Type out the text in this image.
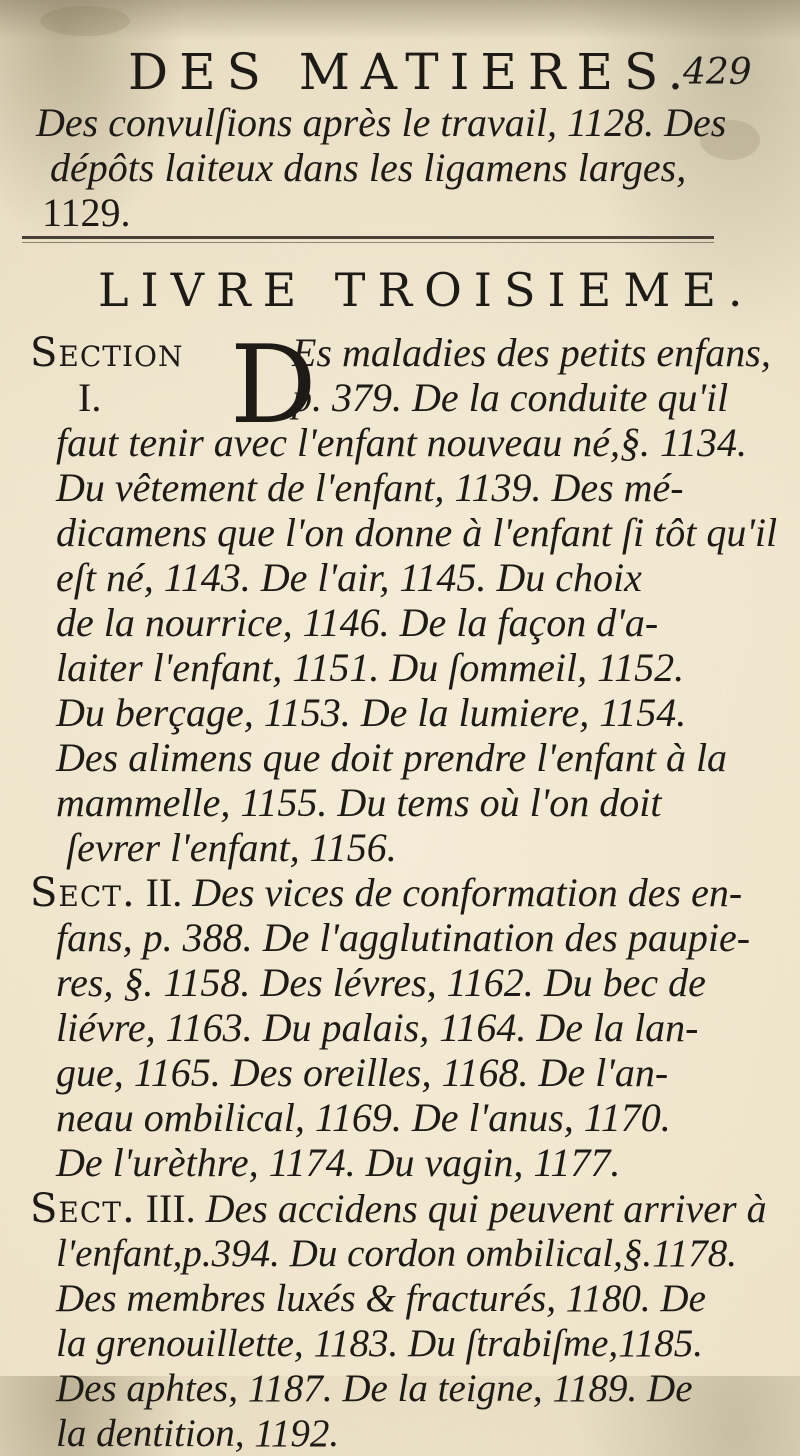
DES MATIERES.
429
Des convulſions après le travail, 1128. Des
dépôts laiteux dans les ligamens larges,
1129.
LIVRE TROISIEME.
Section	Es maladies des petits enfans,
I.	p. 379. De la conduite qu'il
D
faut tenir avec l'enfant nouveau né,§. 1134.
Du vêtement de l'enfant, 1139. Des mé-
dicamens que l'on donne à l'enfant ſi tôt qu'il
eſt né, 1143. De l'air, 1145. Du choix
de la nourrice, 1146. De la façon d'a-
laiter l'enfant, 1151. Du ſommeil, 1152.
Du berçage, 1153. De la lumiere, 1154.
Des alimens que doit prendre l'enfant à la
mammelle, 1155. Du tems où l'on doit
ſevrer l'enfant, 1156.
Sect. II. Des vices de conformation des en-
fans, p. 388. De l'agglutination des paupie-
res, §. 1158. Des lévres, 1162. Du bec de
liévre, 1163. Du palais, 1164. De la lan-
gue, 1165. Des oreilles, 1168. De l'an-
neau ombilical, 1169. De l'anus, 1170.
De l'urèthre, 1174. Du vagin, 1177.
Sect. III. Des accidens qui peuvent arriver à
l'enfant,p.394. Du cordon ombilical,§.1178.
Des membres luxés & fracturés, 1180. De
la grenouillette, 1183. Du ſtrabiſme,1185.
Des aphtes, 1187. De la teigne, 1189. De
la dentition, 1192.
